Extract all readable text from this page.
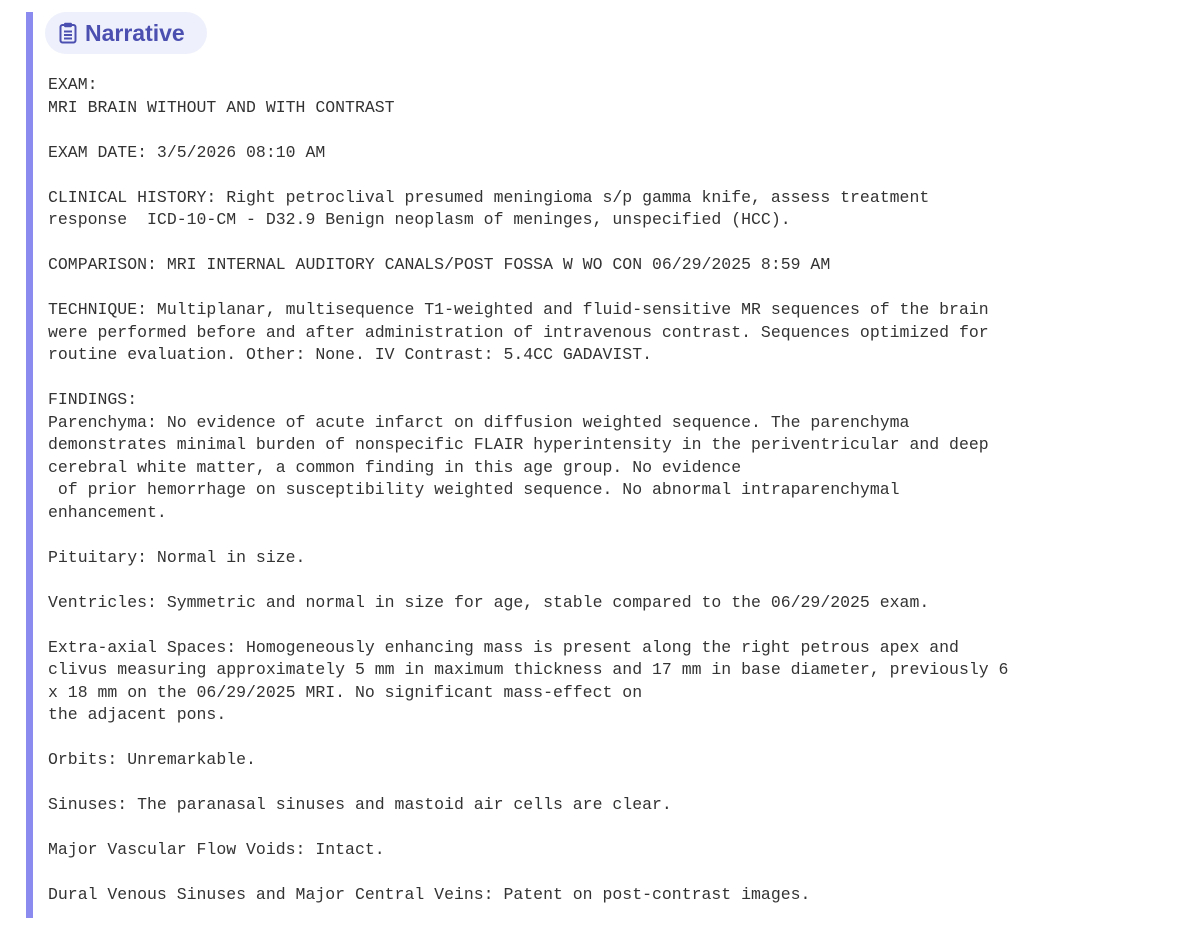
Narrative
EXAM:
MRI BRAIN WITHOUT AND WITH CONTRAST

EXAM DATE: 3/5/2026 08:10 AM

CLINICAL HISTORY: Right petroclival presumed meningioma s/p gamma knife, assess treatment
response  ICD-10-CM - D32.9 Benign neoplasm of meninges, unspecified (HCC).

COMPARISON: MRI INTERNAL AUDITORY CANALS/POST FOSSA W WO CON 06/29/2025 8:59 AM

TECHNIQUE: Multiplanar, multisequence T1-weighted and fluid-sensitive MR sequences of the brain
were performed before and after administration of intravenous contrast. Sequences optimized for
routine evaluation. Other: None. IV Contrast: 5.4CC GADAVIST.

FINDINGS:
Parenchyma: No evidence of acute infarct on diffusion weighted sequence. The parenchyma
demonstrates minimal burden of nonspecific FLAIR hyperintensity in the periventricular and deep
cerebral white matter, a common finding in this age group. No evidence
of prior hemorrhage on susceptibility weighted sequence. No abnormal intraparenchymal
enhancement.

Pituitary: Normal in size.

Ventricles: Symmetric and normal in size for age, stable compared to the 06/29/2025 exam.

Extra-axial Spaces: Homogeneously enhancing mass is present along the right petrous apex and
clivus measuring approximately 5 mm in maximum thickness and 17 mm in base diameter, previously 6
x 18 mm on the 06/29/2025 MRI. No significant mass-effect on
the adjacent pons.

Orbits: Unremarkable.

Sinuses: The paranasal sinuses and mastoid air cells are clear.

Major Vascular Flow Voids: Intact.

Dural Venous Sinuses and Major Central Veins: Patent on post-contrast images.
